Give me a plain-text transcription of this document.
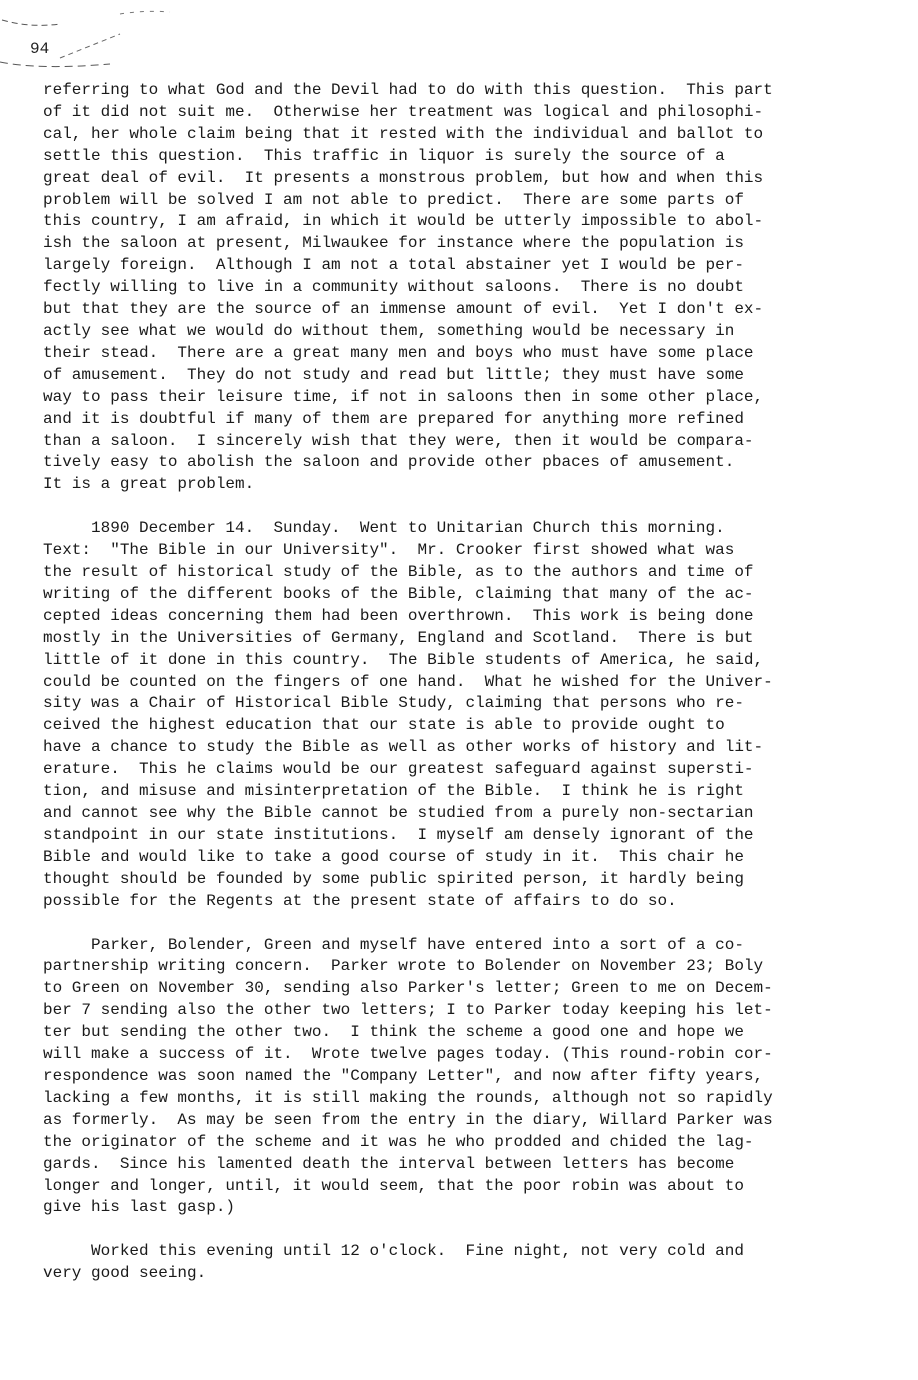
94

referring to what God and the Devil had to do with this question.  This part

of it did not suit me.  Otherwise her treatment was logical and philosophi-

cal, her whole claim being that it rested with the individual and ballot to

settle this question.  This traffic in liquor is surely the source of a

great deal of evil.  It presents a monstrous problem, but how and when this

problem will be solved I am not able to predict.  There are some parts of

this country, I am afraid, in which it would be utterly impossible to abol-

ish the saloon at present, Milwaukee for instance where the population is

largely foreign.  Although I am not a total abstainer yet I would be per-

fectly willing to live in a community without saloons.  There is no doubt

but that they are the source of an immense amount of evil.  Yet I don't ex-

actly see what we would do without them, something would be necessary in

their stead.  There are a great many men and boys who must have some place

of amusement.  They do not study and read but little; they must have some

way to pass their leisure time, if not in saloons then in some other place,

and it is doubtful if many of them are prepared for anything more refined

than a saloon.  I sincerely wish that they were, then it would be compara-

tively easy to abolish the saloon and provide other pbaces of amusement.

It is a great problem.

1890 December 14.  Sunday.  Went to Unitarian Church this morning.

Text:  "The Bible in our University".  Mr. Crooker first showed what was

the result of historical study of the Bible, as to the authors and time of

writing of the different books of the Bible, claiming that many of the ac-

cepted ideas concerning them had been overthrown.  This work is being done

mostly in the Universities of Germany, England and Scotland.  There is but

little of it done in this country.  The Bible students of America, he said,

could be counted on the fingers of one hand.  What he wished for the Univer-

sity was a Chair of Historical Bible Study, claiming that persons who re-

ceived the highest education that our state is able to provide ought to

have a chance to study the Bible as well as other works of history and lit-

erature.  This he claims would be our greatest safeguard against supersti-

tion, and misuse and misinterpretation of the Bible.  I think he is right

and cannot see why the Bible cannot be studied from a purely non-sectarian

standpoint in our state institutions.  I myself am densely ignorant of the

Bible and would like to take a good course of study in it.  This chair he

thought should be founded by some public spirited person, it hardly being

possible for the Regents at the present state of affairs to do so.

Parker, Bolender, Green and myself have entered into a sort of a co-

partnership writing concern.  Parker wrote to Bolender on November 23; Boly

to Green on November 30, sending also Parker's letter; Green to me on Decem-

ber 7 sending also the other two letters; I to Parker today keeping his let-

ter but sending the other two.  I think the scheme a good one and hope we

will make a success of it.  Wrote twelve pages today. (This round-robin cor-

respondence was soon named the "Company Letter", and now after fifty years,

lacking a few months, it is still making the rounds, although not so rapidly

as formerly.  As may be seen from the entry in the diary, Willard Parker was

the originator of the scheme and it was he who prodded and chided the lag-

gards.  Since his lamented death the interval between letters has become

longer and longer, until, it would seem, that the poor robin was about to

give his last gasp.)

Worked this evening until 12 o'clock.  Fine night, not very cold and

very good seeing.
